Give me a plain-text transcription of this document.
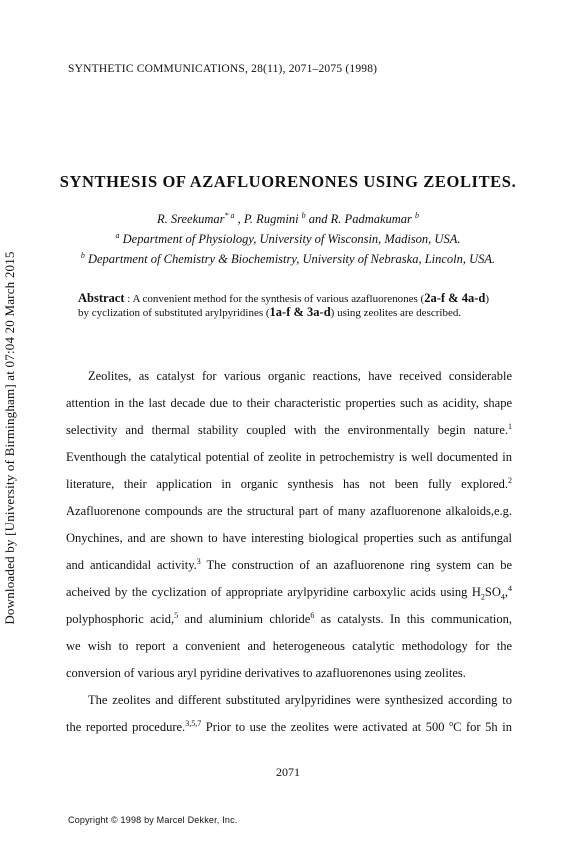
Downloaded by [University of Birmingham] at 07:04 20 March 2015
SYNTHETIC COMMUNICATIONS, 28(11), 2071–2075 (1998)
SYNTHESIS OF AZAFLUORENONES USING ZEOLITES.
R. Sreekumar$^{* a}$ , P. Rugmini $^b$ and R. Padmakumar $^b$
$^a$ Department of Physiology, University of Wisconsin, Madison, USA.
$^b$ Department of Chemistry & Biochemistry, University of Nebraska, Lincoln, USA.
Abstract : A convenient method for the synthesis of various azafluorenones (2a-f & 4a-d) by cyclization of substituted arylpyridines (1a-f & 3a-d) using zeolites are described.
Zeolites, as catalyst for various organic reactions, have received considerable
attention in the last decade due to their characteristic properties such as acidity, shape
selectivity and thermal stability coupled with the environmentally begin nature.$^1$
Eventhough the catalytical potential of zeolite in petrochemistry is well documented in
literature, their application in organic synthesis has not been fully explored.$^2$
Azafluorenone compounds are the structural part of many azafluorenone alkaloids,e.g.
Onychines, and are shown to have interesting biological properties such as antifungal
and anticandidal activity.$^3$ The construction of an azafluorenone ring system can be
acheived by the cyclization of appropriate arylpyridine carboxylic acids using $H_2SO_4,^4$
polyphosphoric acid,$^5$ and aluminium chloride$^6$ as catalysts. In this communication,
we wish to report a convenient and heterogeneous catalytic methodology for the
conversion of various aryl pyridine derivatives to azafluorenones using zeolites.
The zeolites and different substituted arylpyridines were synthesized according to
the reported procedure.$^{3,5,7}$ Prior to use the zeolites were activated at 500 $^o$C for 5h in
2071
Copyright © 1998 by Marcel Dekker, Inc.
